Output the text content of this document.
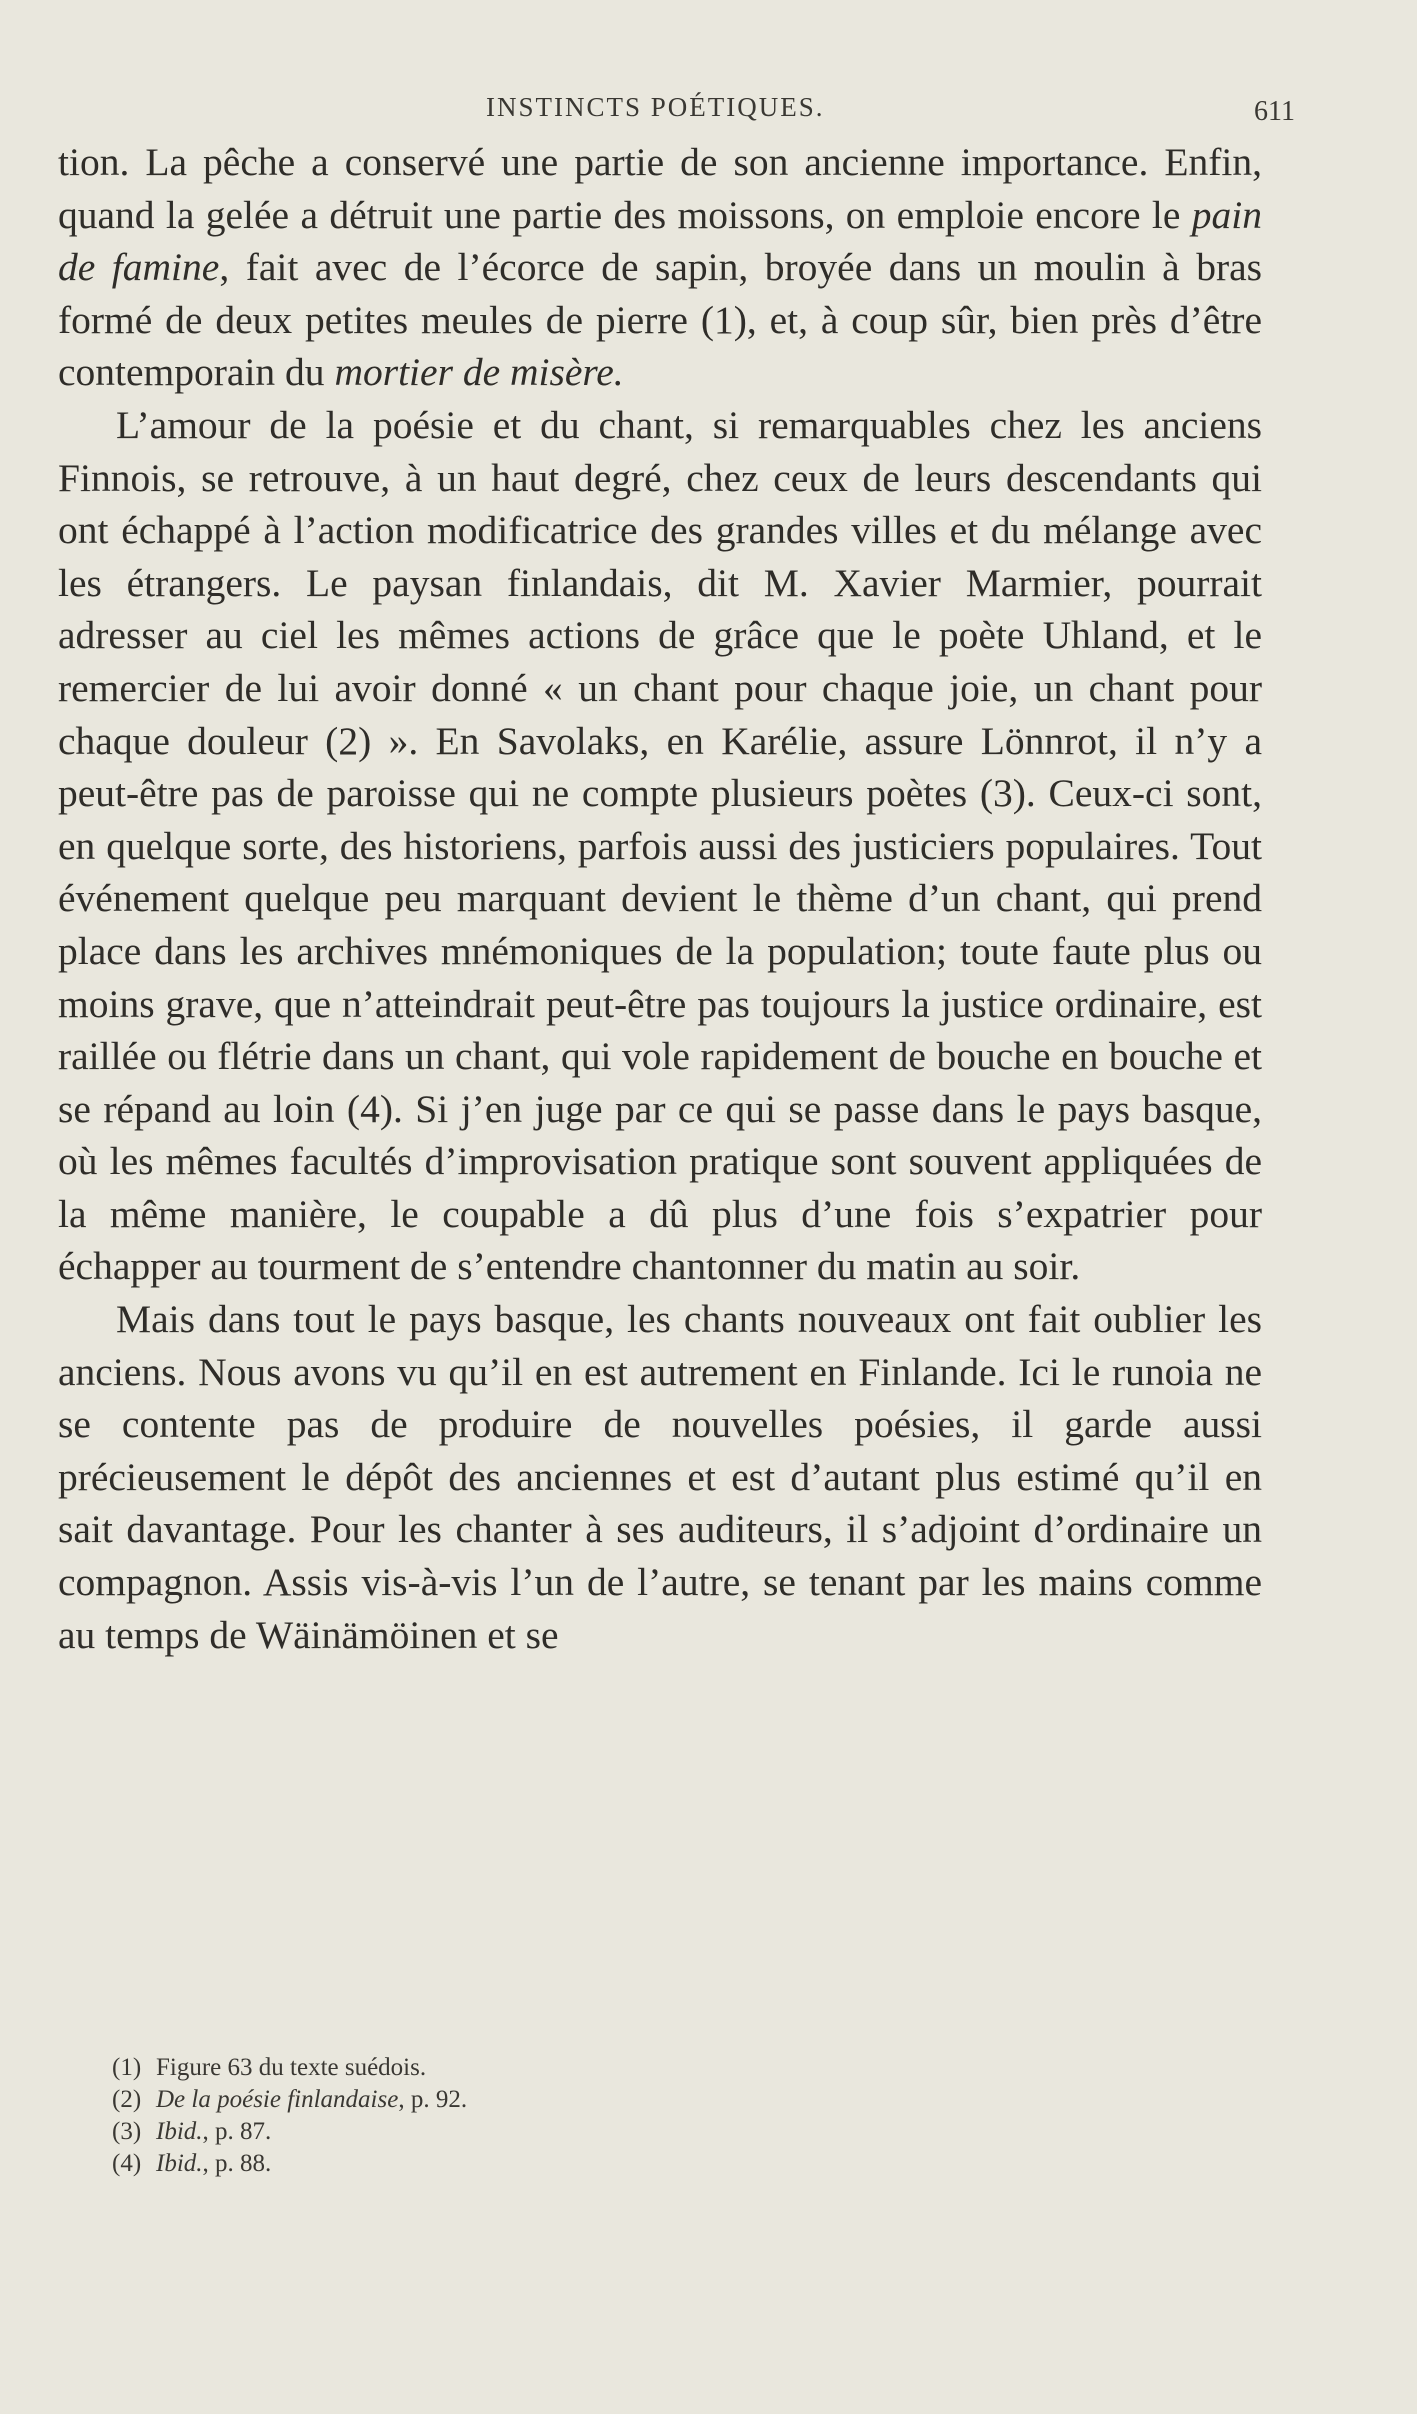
INSTINCTS POÉTIQUES.	611

tion. La pêche a conservé une partie de son ancienne importance. Enfin, quand la gelée a détruit une partie des moissons, on emploie encore le pain de famine, fait avec de l’écorce de sapin, broyée dans un moulin à bras formé de deux petites meules de pierre (1), et, à coup sûr, bien près d’être contemporain du mortier de misère.

L’amour de la poésie et du chant, si remarquables chez les anciens Finnois, se retrouve, à un haut degré, chez ceux de leurs descendants qui ont échappé à l’action modificatrice des grandes villes et du mélange avec les étrangers. Le paysan finlandais, dit M. Xavier Marmier, pourrait adresser au ciel les mêmes actions de grâce que le poète Uhland, et le remercier de lui avoir donné « un chant pour chaque joie, un chant pour chaque douleur (2) ». En Savolaks, en Karélie, assure Lönnrot, il n’y a peut-être pas de paroisse qui ne compte plusieurs poètes (3). Ceux-ci sont, en quelque sorte, des historiens, parfois aussi des justiciers populaires. Tout événement quelque peu marquant devient le thème d’un chant, qui prend place dans les archives mnémoniques de la population; toute faute plus ou moins grave, que n’atteindrait peut-être pas toujours la justice ordinaire, est raillée ou flétrie dans un chant, qui vole rapidement de bouche en bouche et se répand au loin (4). Si j’en juge par ce qui se passe dans le pays basque, où les mêmes facultés d’improvisation pratique sont souvent appliquées de la même manière, le coupable a dû plus d’une fois s’expatrier pour échapper au tourment de s’entendre chantonner du matin au soir.

Mais dans tout le pays basque, les chants nouveaux ont fait oublier les anciens. Nous avons vu qu’il en est autrement en Finlande. Ici le runoia ne se contente pas de produire de nouvelles poésies, il garde aussi précieusement le dépôt des anciennes et est d’autant plus estimé qu’il en sait davantage. Pour les chanter à ses auditeurs, il s’adjoint d’ordinaire un compagnon. Assis vis-à-vis l’un de l’autre, se tenant par les mains comme au temps de Wäinämöinen et se

(1) Figure 63 du texte suédois.

(2) De la poésie finlandaise, p. 92.

(3) Ibid., p. 87.

(4) Ibid., p. 88.
